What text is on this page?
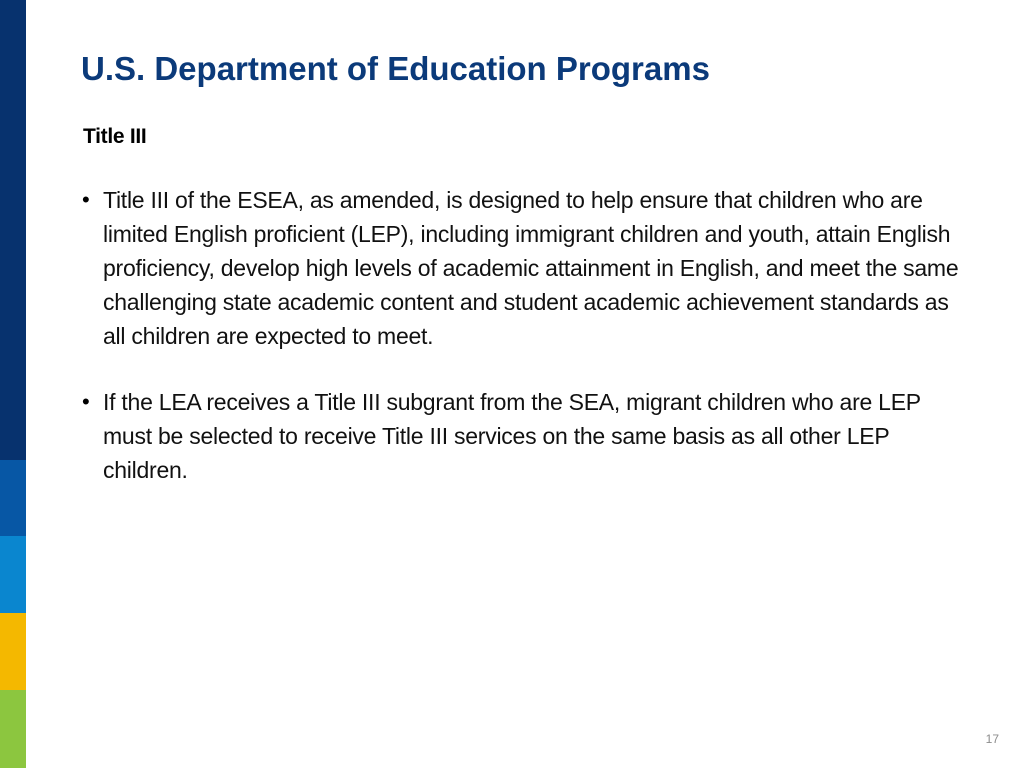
U.S. Department of Education Programs
Title III
• Title III of the ESEA, as amended, is designed to help ensure that children who are limited English proficient (LEP), including immigrant children and youth, attain English proficiency, develop high levels of academic attainment in English, and meet the same challenging state academic content and student academic achievement standards as all children are expected to meet.
• If the LEA receives a Title III subgrant from the SEA, migrant children who are LEP must be selected to receive Title III services on the same basis as all other LEP children.
17
